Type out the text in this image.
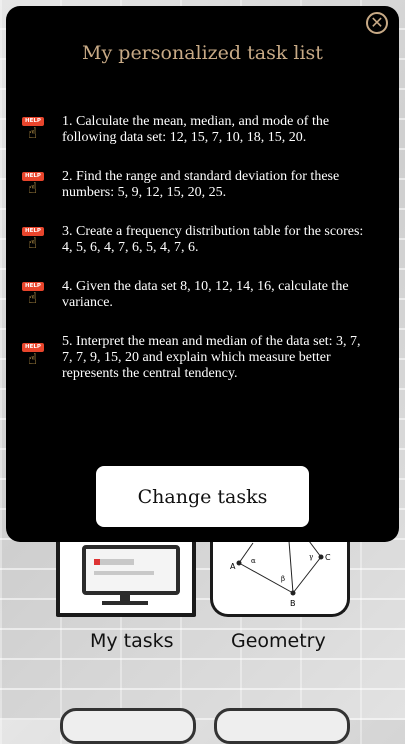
A
B
C
α
β
γ
My tasks	Geometry
✕
My personalized task list
HELP
☝
1. Calculate the mean, median, and mode of the following data set: 12, 15, 7, 10, 18, 15, 20.
HELP
☝
2. Find the range and standard deviation for these numbers: 5, 9, 12, 15, 20, 25.
HELP
☝
3. Create a frequency distribution table for the scores: 4, 5, 6, 4, 7, 6, 5, 4, 7, 6.
HELP
☝
4. Given the data set 8, 10, 12, 14, 16, calculate the variance.
HELP
☝
5. Interpret the mean and median of the data set: 3, 7, 7, 7, 9, 15, 20 and explain which measure better represents the central tendency.
Change tasks
